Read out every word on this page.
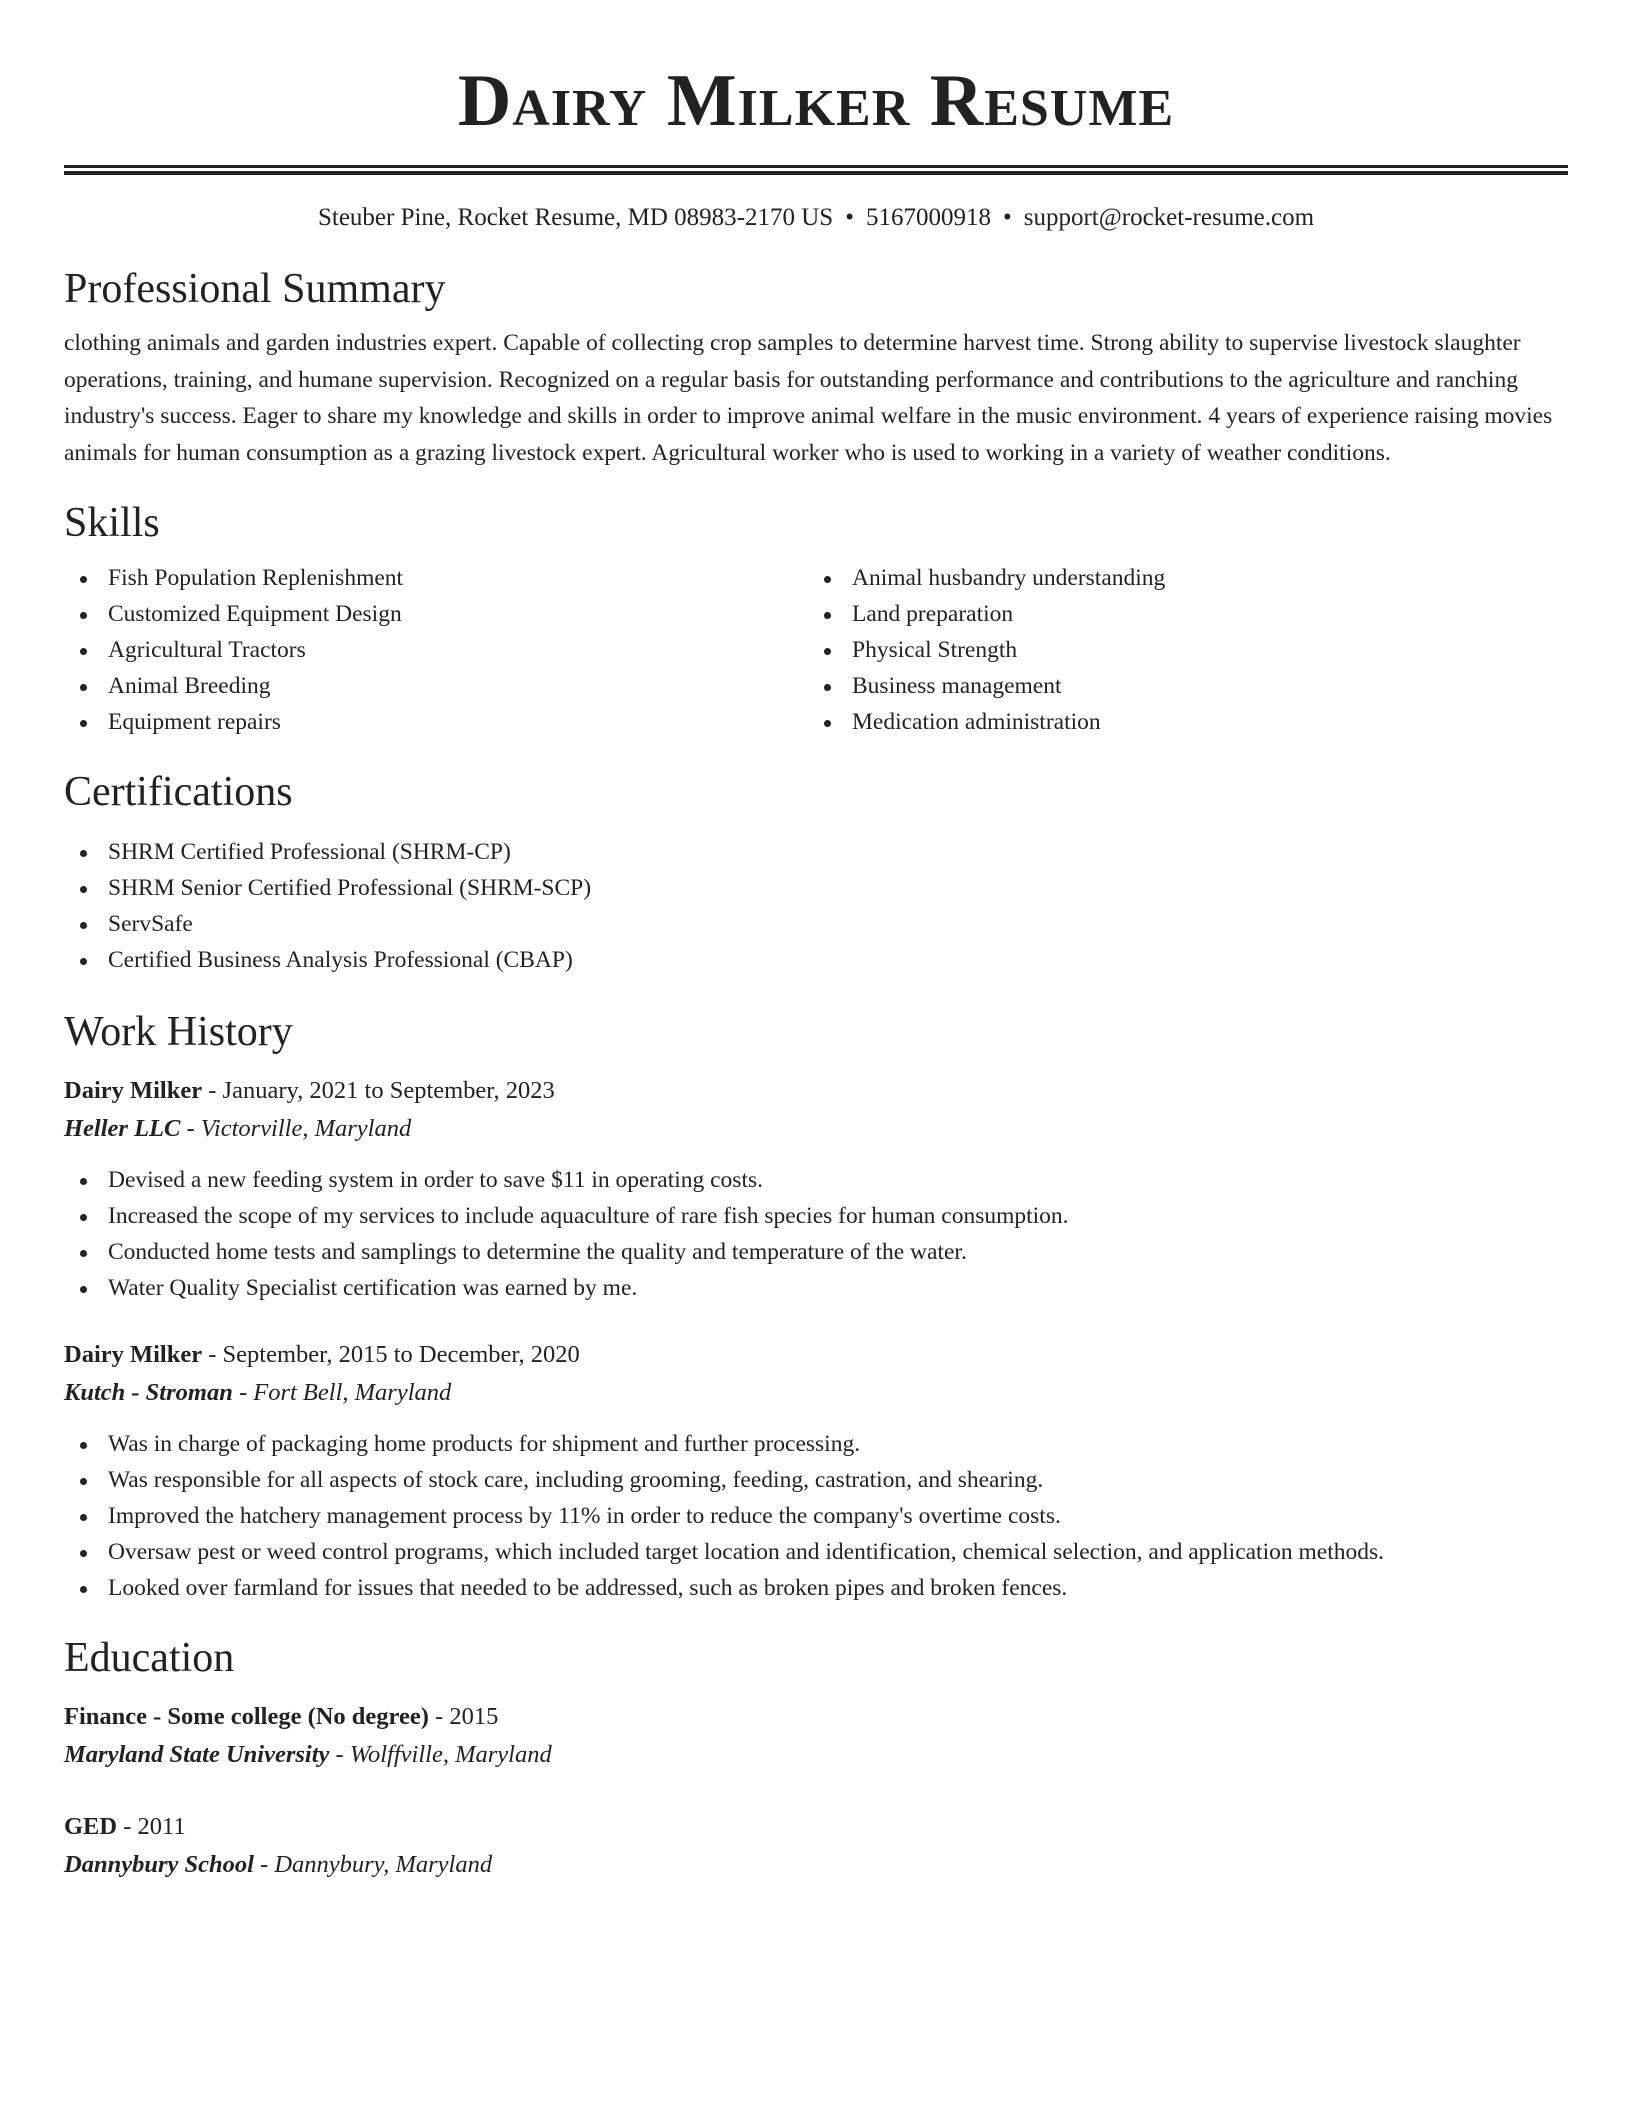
Dairy Milker Resume
Steuber Pine, Rocket Resume, MD 08983-2170 US • 5167000918 • support@rocket-resume.com
Professional Summary

clothing animals and garden industries expert. Capable of collecting crop samples to determine harvest time. Strong ability to supervise livestock slaughter operations, training, and humane supervision. Recognized on a regular basis for outstanding performance and contributions to the agriculture and ranching industry's success. Eager to share my knowledge and skills in order to improve animal welfare in the music environment. 4 years of experience raising movies animals for human consumption as a grazing livestock expert. Agricultural worker who is used to working in a variety of weather conditions.

Skills
Fish Population Replenishment
Customized Equipment Design
Agricultural Tractors
Animal Breeding
Equipment repairs
Animal husbandry understanding
Land preparation
Physical Strength
Business management
Medication administration
Certifications
SHRM Certified Professional (SHRM-CP)
SHRM Senior Certified Professional (SHRM-SCP)
ServSafe
Certified Business Analysis Professional (CBAP)
Work History
Dairy Milker - January, 2021 to September, 2023
Heller LLC - Victorville, Maryland
Devised a new feeding system in order to save $11 in operating costs.
Increased the scope of my services to include aquaculture of rare fish species for human consumption.
Conducted home tests and samplings to determine the quality and temperature of the water.
Water Quality Specialist certification was earned by me.
Dairy Milker - September, 2015 to December, 2020
Kutch - Stroman - Fort Bell, Maryland
Was in charge of packaging home products for shipment and further processing.
Was responsible for all aspects of stock care, including grooming, feeding, castration, and shearing.
Improved the hatchery management process by 11% in order to reduce the company's overtime costs.
Oversaw pest or weed control programs, which included target location and identification, chemical selection, and application methods.
Looked over farmland for issues that needed to be addressed, such as broken pipes and broken fences.
Education
Finance - Some college (No degree) - 2015
Maryland State University - Wolffville, Maryland
GED - 2011
Dannybury School - Dannybury, Maryland
